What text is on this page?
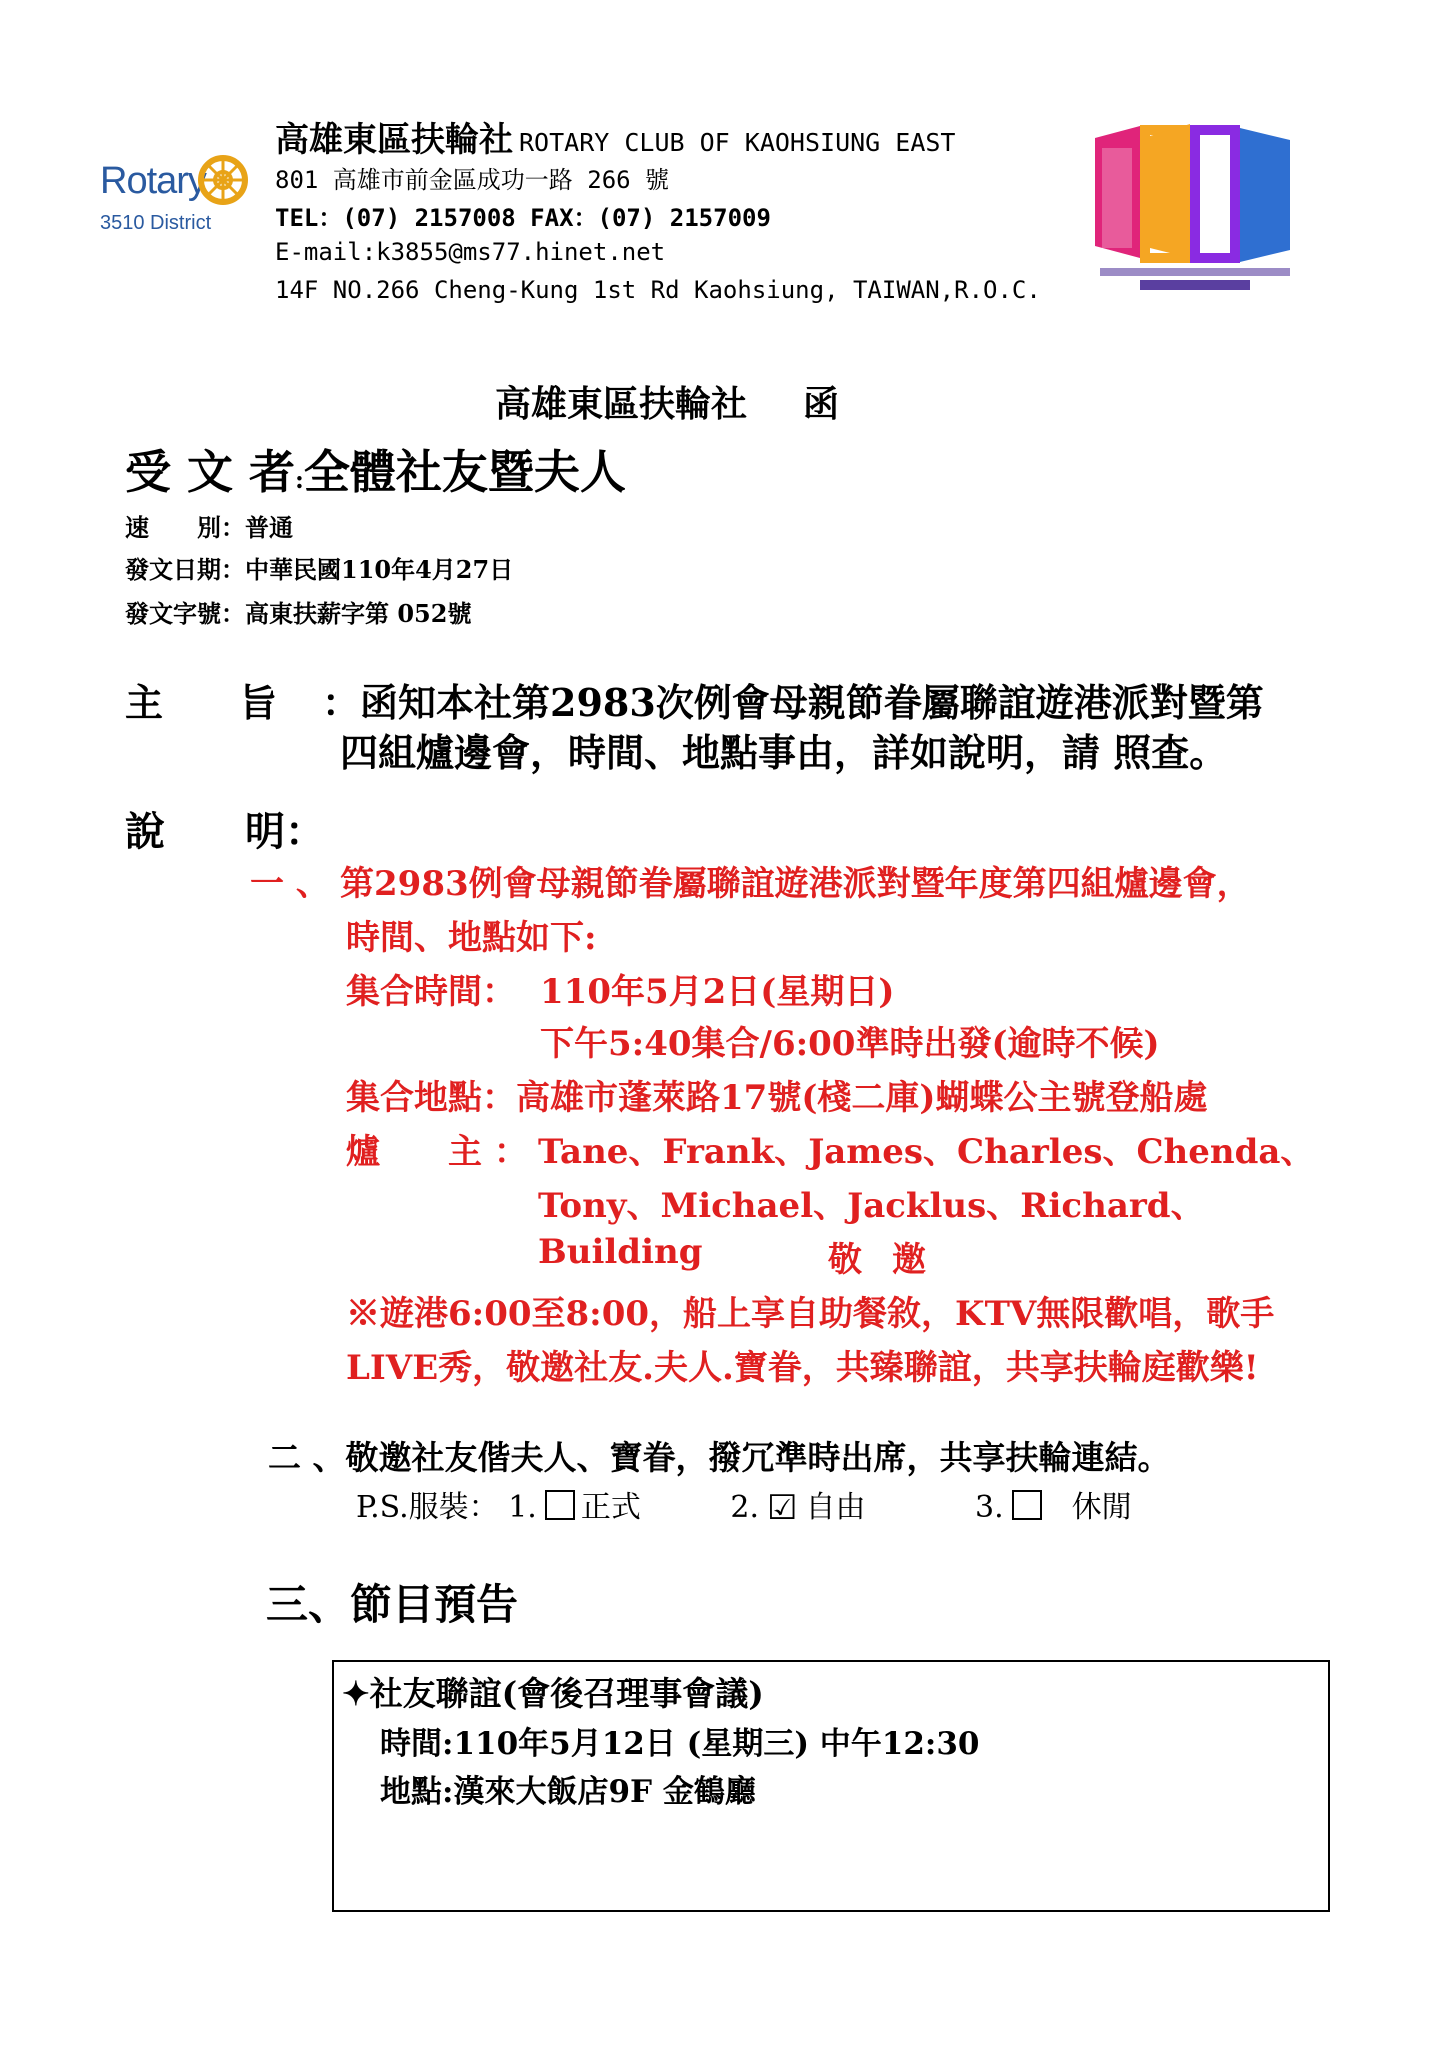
Rotary
3510 District
高雄東區扶輪社 ROTARY CLUB OF KAOHSIUNG EAST
801 高雄市前金區成功一路 266 號
TEL：(07) 2157008 FAX：(07) 2157009
E-mail:k3855@ms77.hinet.net
14F NO.266 Cheng-Kung 1st Rd Kaohsiung, TAIWAN,R.O.C.
高雄東區扶輪社 函
受 文 者:全體社友暨夫人
速　　別：普通
發文日期：中華民國110年4月27日
發文字號：高東扶薪字第 052號
主　　旨 ：函知本社第2983次例會母親節眷屬聯誼遊港派對暨第
四組爐邊會，時間、地點事由，詳如說明，請 照查。
說　　明：
一 、 第2983例會母親節眷屬聯誼遊港派對暨年度第四組爐邊會，
時間、地點如下:
集合時間： 110年5月2日(星期日)
下午5:40集合/6:00準時出發(逾時不候)
集合地點：高雄市蓬萊路17號(棧二庫)蝴蝶公主號登船處
爐　　主 ： Tane、Frank、James、Charles、Chenda、
Tony、Michael、Jacklus、Richard、
Building	敬邀
※遊港6:00至8:00，船上享自助餐敘，KTV無限歡唱，歌手
LIVE秀，敬邀社友.夫人.寶眷，共臻聯誼，共享扶輪庭歡樂!
二 、敬邀社友偕夫人、寶眷，撥冗準時出席，共享扶輪連結。
P.S.服裝： 1. 正式	2. ☑ 自由	3. 休閒
三、節目預告
✦社友聯誼(會後召理事會議)
時間:110年5月12日 (星期三) 中午12:30
地點:漢來大飯店9F 金鶴廳
